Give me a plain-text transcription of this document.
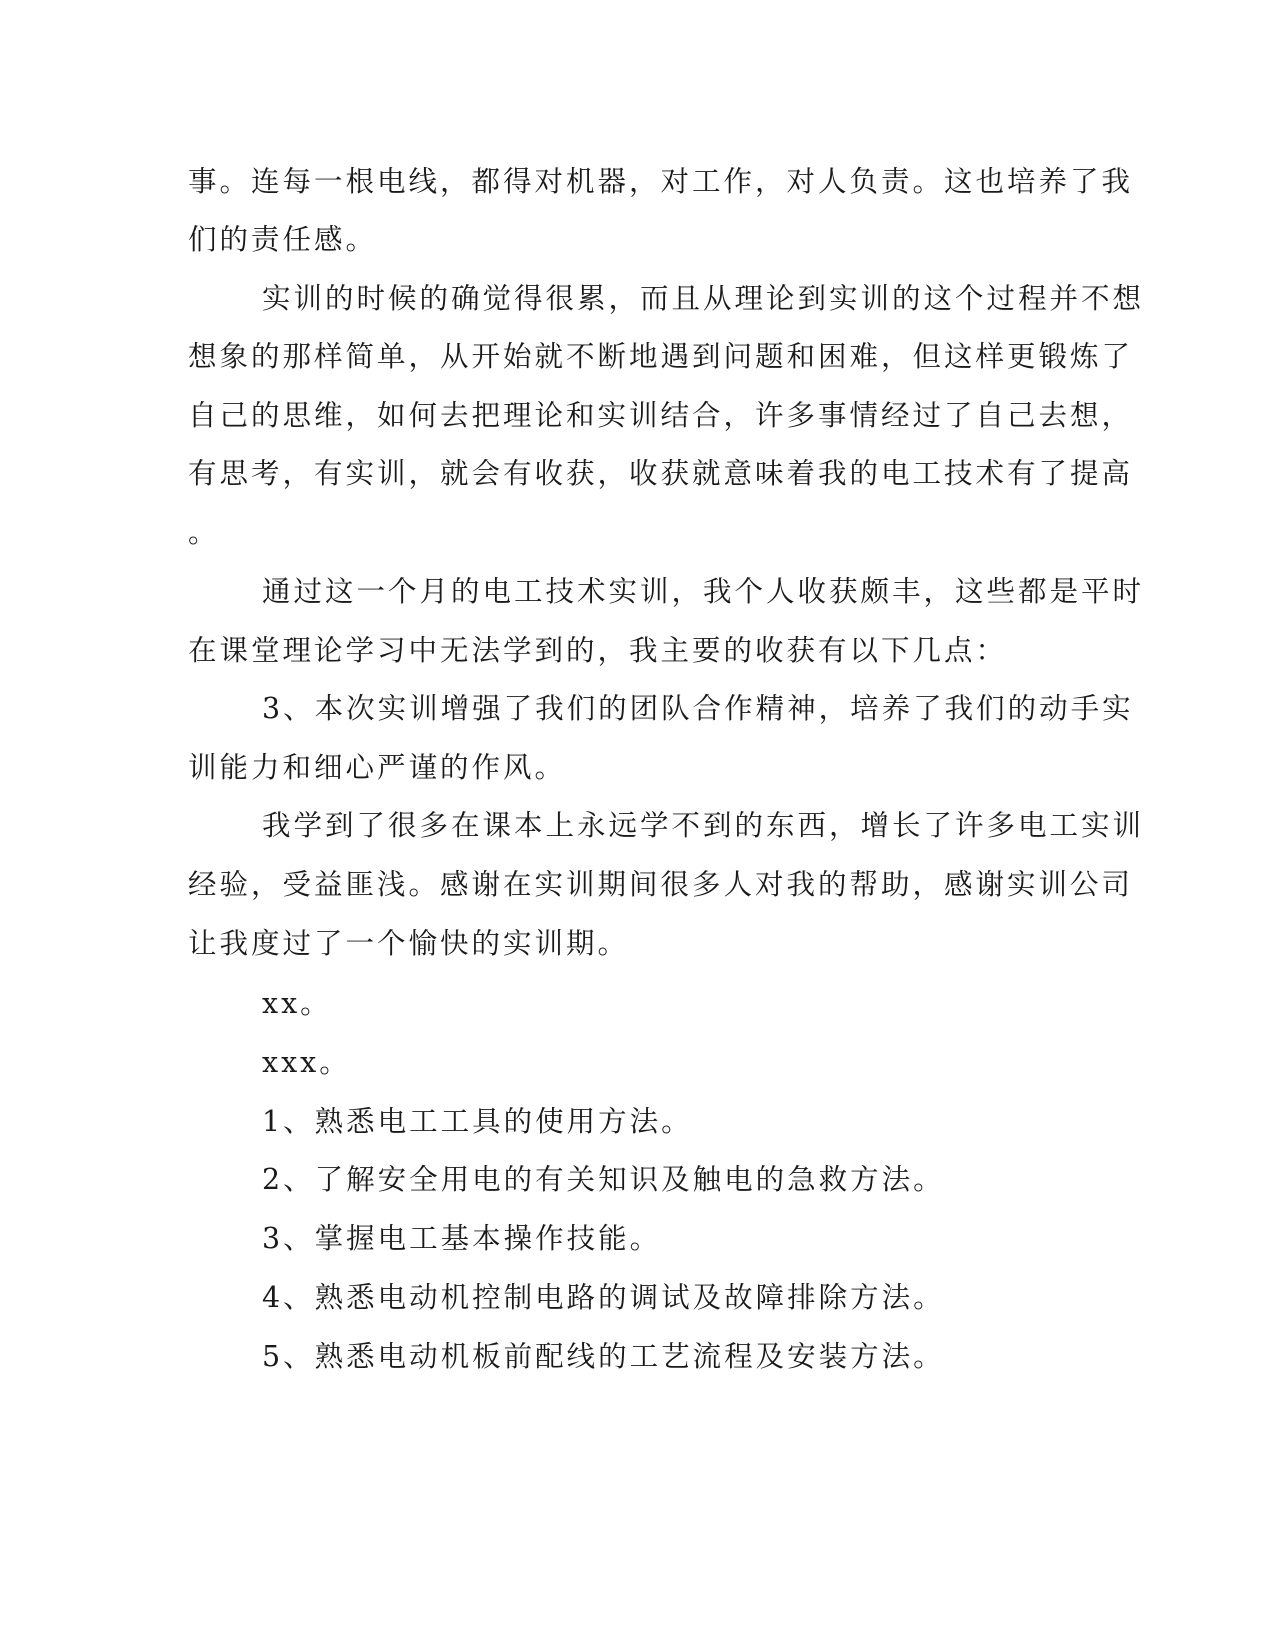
事。连每一根电线，都得对机器，对工作，对人负责。这也培养了我
们的责任感。
实训的时候的确觉得很累，而且从理论到实训的这个过程并不想
想象的那样简单，从开始就不断地遇到问题和困难，但这样更锻炼了
自己的思维，如何去把理论和实训结合，许多事情经过了自己去想，
有思考，有实训，就会有收获，收获就意味着我的电工技术有了提高
。
通过这一个月的电工技术实训，我个人收获颇丰，这些都是平时
在课堂理论学习中无法学到的，我主要的收获有以下几点：
3、本次实训增强了我们的团队合作精神，培养了我们的动手实
训能力和细心严谨的作风。
我学到了很多在课本上永远学不到的东西，增长了许多电工实训
经验，受益匪浅。感谢在实训期间很多人对我的帮助，感谢实训公司
让我度过了一个愉快的实训期。
xx。
xxx。
1、熟悉电工工具的使用方法。
2、了解安全用电的有关知识及触电的急救方法。
3、掌握电工基本操作技能。
4、熟悉电动机控制电路的调试及故障排除方法。
5、熟悉电动机板前配线的工艺流程及安装方法。
